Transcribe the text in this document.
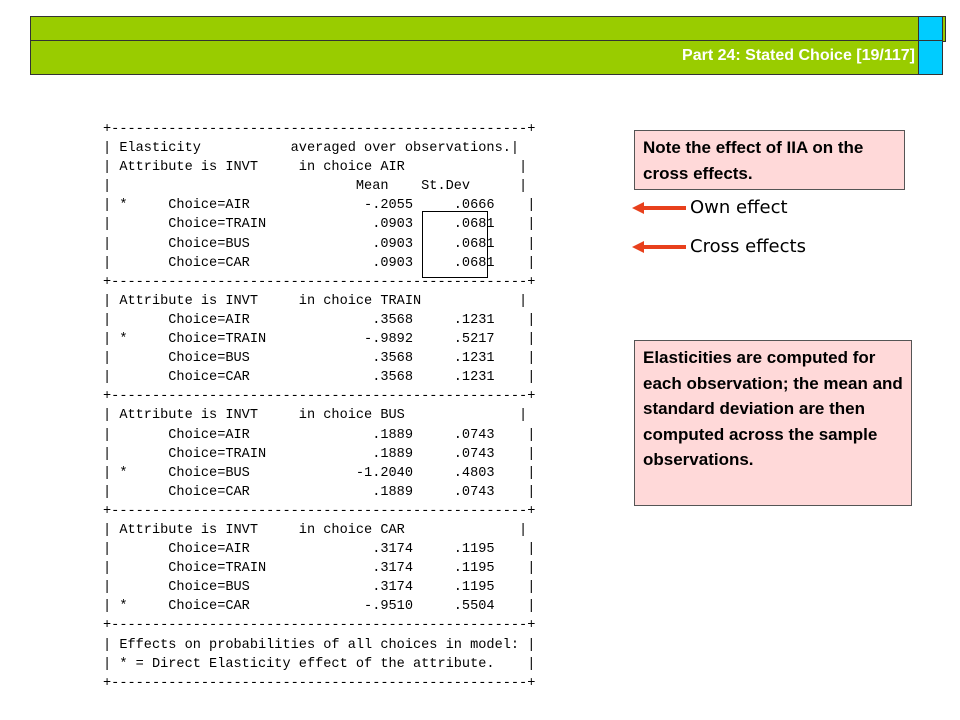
Part 24: Stated Choice [19/117]
+---------------------------------------------------+
| Elasticity           averaged over observations.|
| Attribute is INVT     in choice AIR              |
|                              Mean    St.Dev      |
| *     Choice=AIR              -.2055     .0666    |
|       Choice=TRAIN             .0903     .0681    |
|       Choice=BUS               .0903     .0681    |
|       Choice=CAR               .0903     .0681    |
+---------------------------------------------------+
| Attribute is INVT     in choice TRAIN            |
|       Choice=AIR               .3568     .1231    |
| *     Choice=TRAIN            -.9892     .5217    |
|       Choice=BUS               .3568     .1231    |
|       Choice=CAR               .3568     .1231    |
+---------------------------------------------------+
| Attribute is INVT     in choice BUS              |
|       Choice=AIR               .1889     .0743    |
|       Choice=TRAIN             .1889     .0743    |
| *     Choice=BUS             -1.2040     .4803    |
|       Choice=CAR               .1889     .0743    |
+---------------------------------------------------+
| Attribute is INVT     in choice CAR              |
|       Choice=AIR               .3174     .1195    |
|       Choice=TRAIN             .3174     .1195    |
|       Choice=BUS               .3174     .1195    |
| *     Choice=CAR              -.9510     .5504    |
+---------------------------------------------------+
| Effects on probabilities of all choices in model: |
| * = Direct Elasticity effect of the attribute.    |
+---------------------------------------------------+
Note the effect of IIA on the cross effects.
Elasticities are computed for each observation; the mean and standard deviation are then computed across the sample observations.
Own effect
Cross effects
